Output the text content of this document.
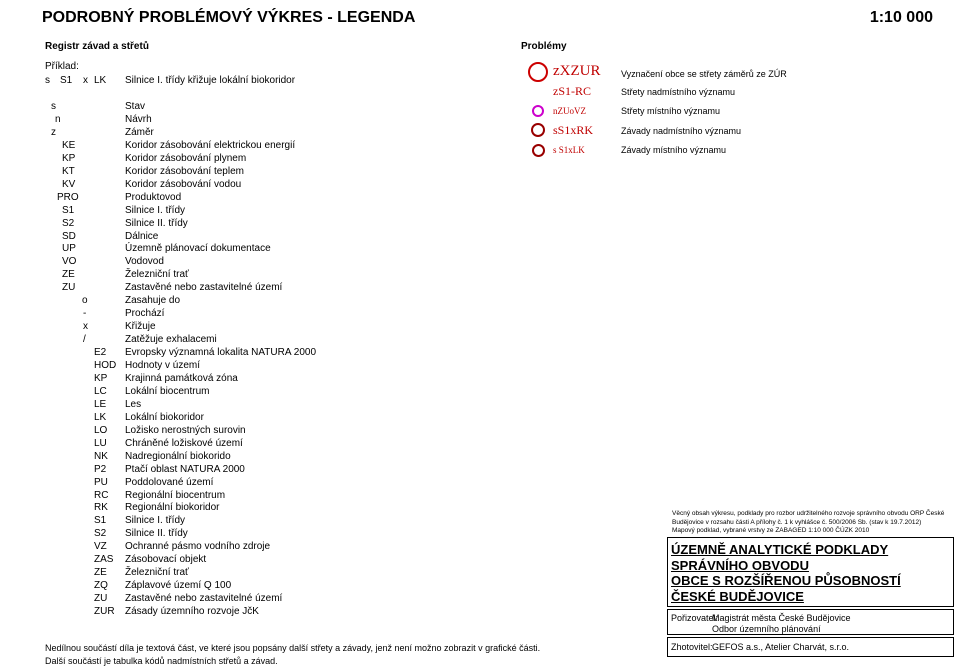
PODROBNÝ PROBLÉMOVÝ VÝKRES - LEGENDA	1:10 000
Registr závad a střetů
Příklad:
s S1 x LK Silnice I. třídy křižuje lokální biokoridor
s	Stav
n	Návrh
z	Záměr
KE	Koridor zásobování elektrickou energií
KP	Koridor zásobování plynem
KT	Koridor zásobování teplem
KV	Koridor zásobování vodou
PRO	Produktovod
S1	Silnice I. třídy
S2	Silnice II. třídy
SD	Dálnice
UP	Územně plánovací dokumentace
VO	Vodovod
ZE	Železniční trať
ZU	Zastavěné nebo zastavitelné území
o	Zasahuje do
-	Prochází
x	Křižuje
/	Zatěžuje exhalacemi
E2 Evropsky významná lokalita NATURA 2000
HOD Hodnoty v území
KP Krajinná památková zóna
LC Lokální biocentrum
LE Les
LK Lokální biokoridor
LO Ložisko nerostných surovin
LU Chráněné ložiskové území
NK Nadregionální biokorido
P2 Ptačí oblast NATURA 2000
PU Poddolované území
RC Regionální biocentrum
RK Regionální biokoridor
S1 Silnice I. třídy
S2 Silnice II. třídy
VZ Ochranné pásmo vodního zdroje
ZAS Zásobovací objekt
ZE Železniční trať
ZQ Záplavové území Q 100
ZU Zastavěné nebo zastavitelné území
ZUR Zásady územního rozvoje JčK
Problémy
zXZUR Vyznačení obce se střety záměrů ze ZÚR
zS1-RC	Střety nadmístního významu
nZUoVZ	Střety místního významu
sS1xRK	Závady nadmístního významu
s S1xLK	Závady místního významu
Nedílnou součástí díla je textová část, ve které jsou popsány další střety a závady, jenž není možno zobrazit v grafické části.
Další součástí je tabulka kódů nadmístních střetů a závad.
Věcný obsah výkresu, podklady pro rozbor udržitelného rozvoje správního obvodu ORP České
Budějovice v rozsahu části A přílohy č. 1 k vyhlášce č. 500/2006 Sb. (stav k 19.7.2012)
Mapový podklad, vybrané vrstvy ze ZABAGED 1:10 000 ČÚZK 2010
ÚZEMNĚ ANALYTICKÉ PODKLADY
SPRÁVNÍHO OBVODU
OBCE S ROZŠÍŘENOU PŮSOBNOSTÍ
ČESKÉ BUDĚJOVICE
Pořizovatel:
Magistrát města České Budějovice
Odbor územního plánování
Zhotovitel: GEFOS a.s., Atelier Charvát, s.r.o.
